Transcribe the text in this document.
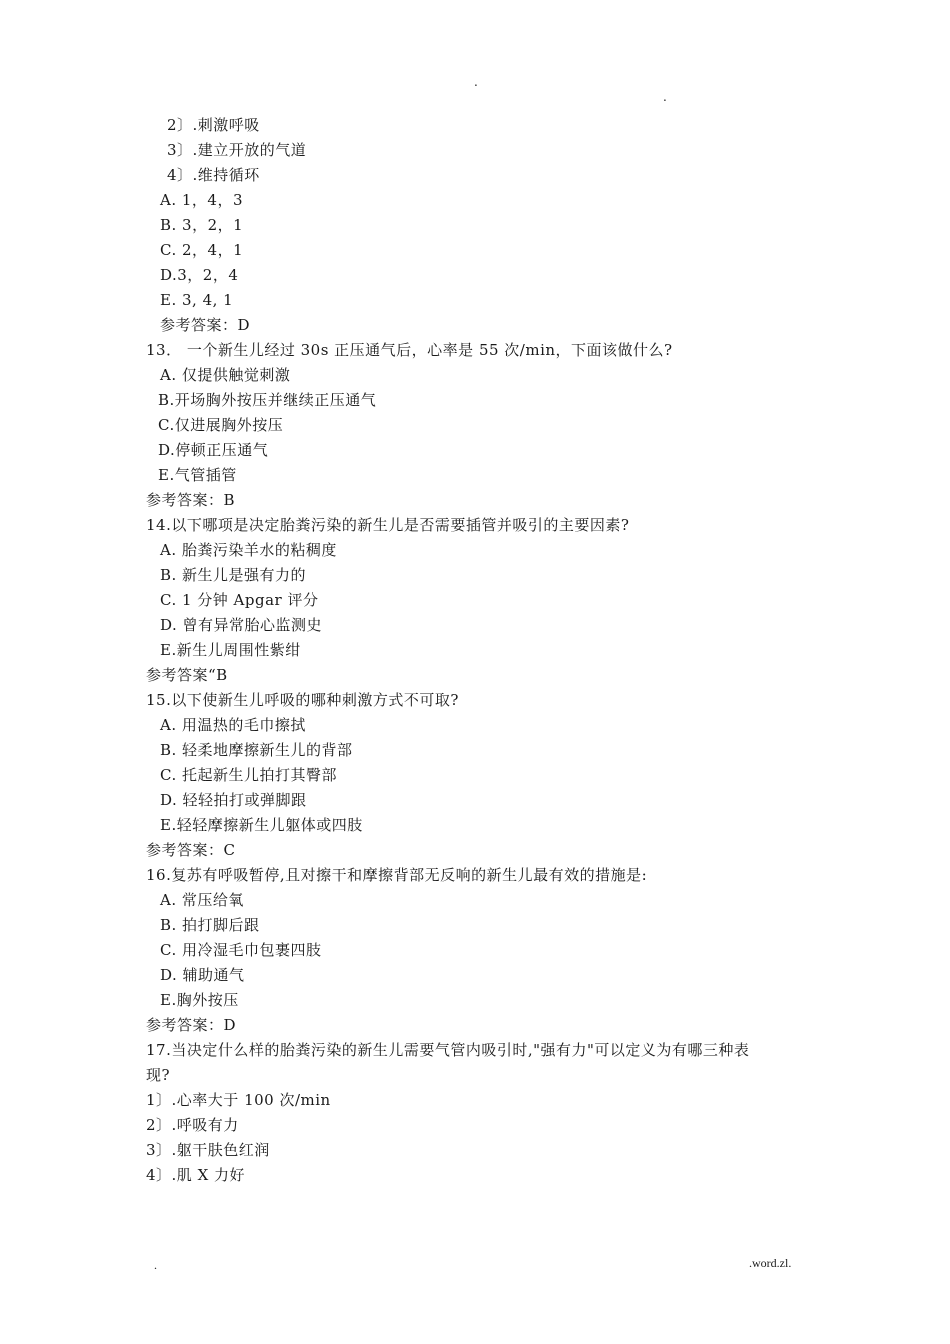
.
.
2〕.刺激呼吸
3〕.建立开放的气道
4〕.维持循环
A. 1，4，3
B. 3，2，1
C. 2，4，1
D.3，2，4
E. 3, 4, 1
参考答案：D
13． 一个新生儿经过 30s 正压通气后，心率是 55 次/min，下面该做什么?
A. 仅提供触觉刺激
B.开场胸外按压并继续正压通气
C.仅进展胸外按压
D.停顿正压通气
E.气管插管
参考答案：B
14.以下哪项是决定胎粪污染的新生儿是否需要插管并吸引的主要因素?
A. 胎粪污染羊水的粘稠度
B. 新生儿是强有力的
C. 1 分钟 Apgar 评分
D. 曾有异常胎心监测史
E.新生儿周围性紫绀
参考答案“B
15.以下使新生儿呼吸的哪种刺激方式不可取?
A. 用温热的毛巾擦拭
B. 轻柔地摩擦新生儿的背部
C. 托起新生儿拍打其臀部
D. 轻轻拍打或弹脚跟
E.轻轻摩擦新生儿躯体或四肢
参考答案：C
16.复苏有呼吸暂停,且对擦干和摩擦背部无反响的新生儿最有效的措施是:
A. 常压给氧
B. 拍打脚后跟
C. 用冷湿毛巾包裹四肢
D. 辅助通气
E.胸外按压
参考答案：D
17.当决定什么样的胎粪污染的新生儿需要气管内吸引时,"强有力"可以定义为有哪三种表
现?
1〕.心率大于 100 次/min
2〕.呼吸有力
3〕.躯干肤色红润
4〕.肌 X 力好
.	.word.zl.
